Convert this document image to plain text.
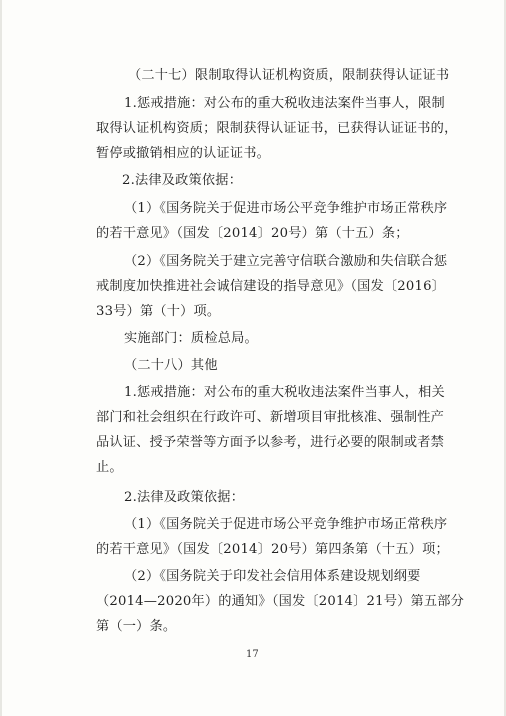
（二十七）限制取得认证机构资质，限制获得认证证书
1.惩戒措施：对公布的重大税收违法案件当事人，限制
取得认证机构资质；限制获得认证证书，已获得认证证书的，
暂停或撤销相应的认证证书。
2.法律及政策依据：
（1）《国务院关于促进市场公平竞争维护市场正常秩序
的若干意见》（国发〔2014〕20号）第（十五）条；
（2）《国务院关于建立完善守信联合激励和失信联合惩
戒制度加快推进社会诚信建设的指导意见》（国发〔2016〕
33号）第（十）项。
实施部门：质检总局。
（二十八）其他
1.惩戒措施：对公布的重大税收违法案件当事人，相关
部门和社会组织在行政许可、新增项目审批核准、强制性产
品认证、授予荣誉等方面予以参考，进行必要的限制或者禁
止。
2.法律及政策依据：
（1）《国务院关于促进市场公平竞争维护市场正常秩序
的若干意见》（国发〔2014〕20号）第四条第（十五）项；
（2）《国务院关于印发社会信用体系建设规划纲要
（2014—2020年）的通知》（国发〔2014〕21号）第五部分
第（一）条。
17
